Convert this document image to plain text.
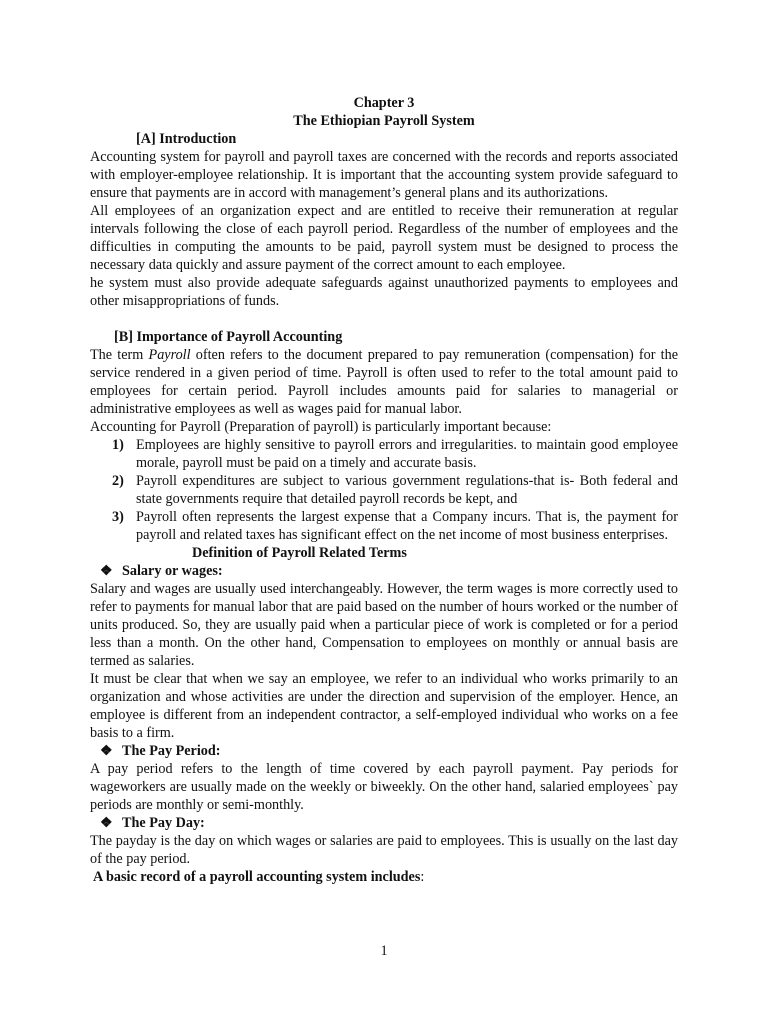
Chapter 3
The Ethiopian Payroll System
[A] Introduction

Accounting system for payroll and payroll taxes are concerned with the records and reports associated with employer-employee relationship. It is important that the accounting system provide safeguard to ensure that payments are in accord with management’s general plans and its authorizations.

All employees of an organization expect and are entitled to receive their remuneration at regular intervals following the close of each payroll period. Regardless of the number of employees and the difficulties in computing the amounts to be paid, payroll system must be designed to process the necessary data quickly and assure payment of the correct amount to each employee.

he system must also provide adequate safeguards against unauthorized payments to employees and other misappropriations of funds.

[B] Importance of Payroll Accounting

The term Payroll often refers to the document prepared to pay remuneration (compensation) for the service rendered in a given period of time. Payroll is often used to refer to the total amount paid to employees for certain period. Payroll includes amounts paid for salaries to managerial or administrative employees as well as wages paid for manual labor.

Accounting for Payroll (Preparation of payroll) is particularly important because:

1) Employees are highly sensitive to payroll errors and irregularities. to maintain good employee morale, payroll must be paid on a timely and accurate basis.
2) Payroll expenditures are subject to various government regulations-that is- Both federal and state governments require that detailed payroll records be kept, and
3) Payroll often represents the largest expense that a Company incurs. That is, the payment for payroll and related taxes has significant effect on the net income of most business enterprises.
Definition of Payroll Related Terms
❖ Salary or wages:

Salary and wages are usually used interchangeably. However, the term wages is more correctly used to refer to payments for manual labor that are paid based on the number of hours worked or the number of units produced. So, they are usually paid when a particular piece of work is completed or for a period less than a month. On the other hand, Compensation to employees on monthly or annual basis are termed as salaries.

It must be clear that when we say an employee, we refer to an individual who works primarily to an organization and whose activities are under the direction and supervision of the employer. Hence, an employee is different from an independent contractor, a self-employed individual who works on a fee basis to a firm.

❖ The Pay Period:

A pay period refers to the length of time covered by each payroll payment. Pay periods for wageworkers are usually made on the weekly or biweekly. On the other hand, salaried employees` pay periods are monthly or semi-monthly.

❖ The Pay Day:

The payday is the day on which wages or salaries are paid to employees. This is usually on the last day of the pay period.

A basic record of a payroll accounting system includes:
1
